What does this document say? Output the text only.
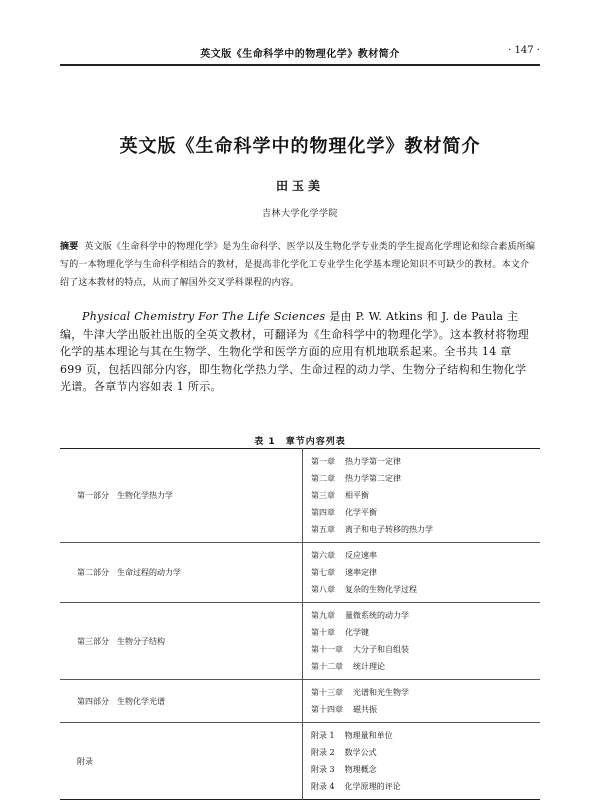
英文版《生命科学中的物理化学》教材简介	· 147 ·
英文版《生命科学中的物理化学》教材简介
田玉美
吉林大学化学学院
摘要 英文版《生命科学中的物理化学》是为生命科学、医学以及生物化学专业类的学生提高化学理论和综合素质所编写的一本物理化学与生命科学相结合的教材，是提高非化学化工专业学生化学基本理论知识不可缺少的教材。本文介绍了这本教材的特点，从而了解国外交叉学科课程的内容。
Physical Chemistry For The Life Sciences 是由 P. W. Atkins 和 J. de Paula 主编，牛津大学出版社出版的全英文教材，可翻译为《生命科学中的物理化学》。这本教材将物理化学的基本理论与其在生物学、生物化学和医学方面的应用有机地联系起来。全书共 14 章 699 页，包括四部分内容，即生物化学热力学、生命过程的动力学、生物分子结构和生物化学光谱。各章节内容如表 1 所示。
表 1　章节内容列表
第一部分　生物化学热力学	第一章 热力学第一定律
第二章 热力学第二定律
第三章 相平衡
第四章 化学平衡
第五章 离子和电子转移的热力学

第二部分　生命过程的动力学	第六章 反应速率
第七章 速率定律
第八章 复杂的生物化学过程

第三部分　生物分子结构	第九章 量微系统的动力学
第十章 化学键
第十一章 大分子和自组装
第十二章 统计理论

第四部分　生物化学光谱	第十三章 光谱和光生物学
第十四章 磁共振

附录	附录 1 物理量和单位
附录 2 数学公式
附录 3 物理概念
附录 4 化学原理的评论
